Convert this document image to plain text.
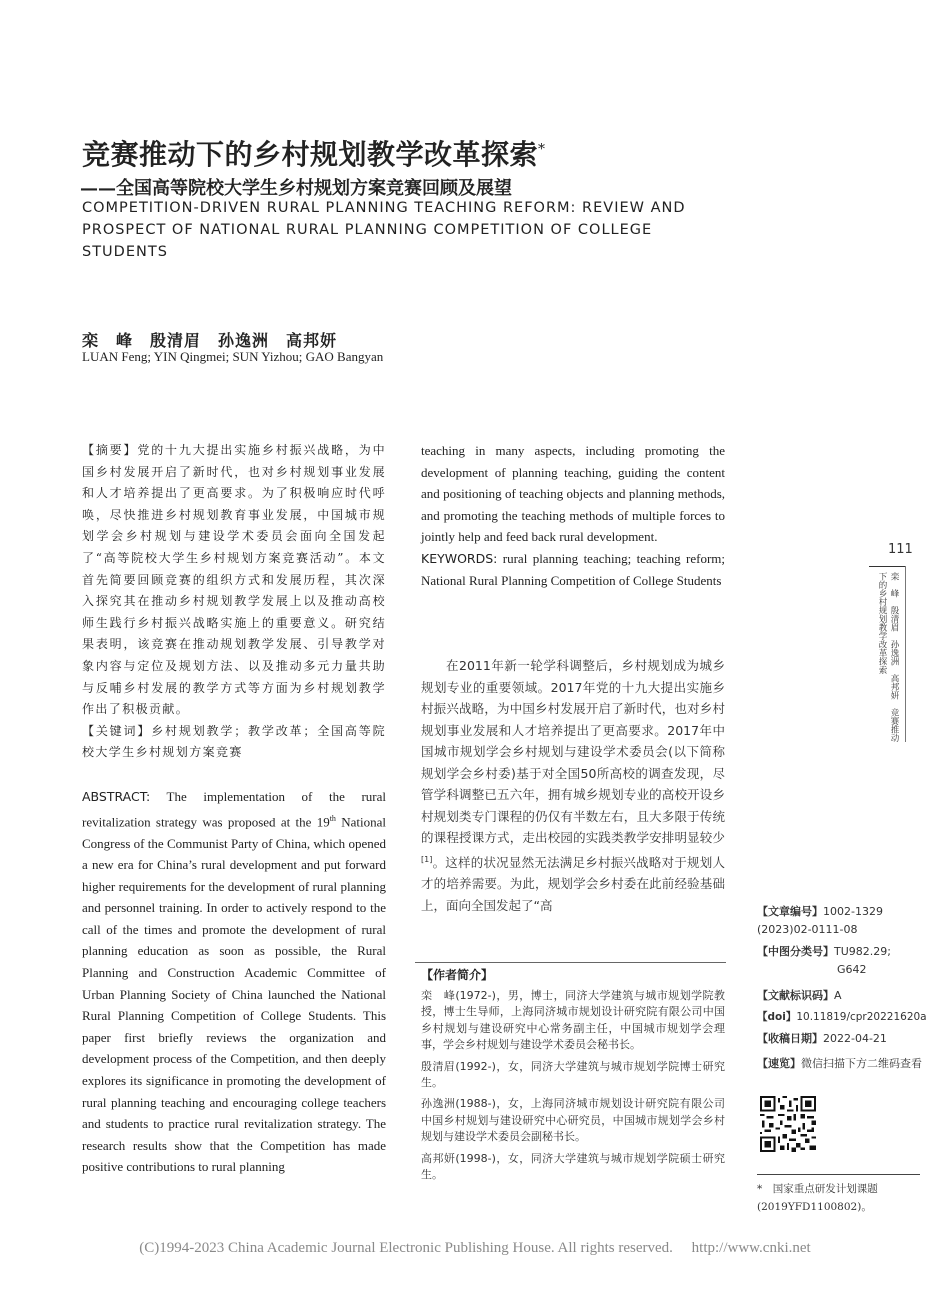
竞赛推动下的乡村规划教学改革探索*
——全国高等院校大学生乡村规划方案竞赛回顾及展望
COMPETITION-DRIVEN RURAL PLANNING TEACHING REFORM: REVIEW AND PROSPECT OF NATIONAL RURAL PLANNING COMPETITION OF COLLEGE STUDENTS
栾　峰　殷清眉　孙逸洲　高邦妍
LUAN Feng; YIN Qingmei; SUN Yizhou; GAO Bangyan
【摘要】党的十九大提出实施乡村振兴战略，为中国乡村发展开启了新时代，也对乡村规划事业发展和人才培养提出了更高要求。为了积极响应时代呼唤，尽快推进乡村规划教育事业发展，中国城市规划学会乡村规划与建设学术委员会面向全国发起了“高等院校大学生乡村规划方案竞赛活动”。本文首先简要回顾竞赛的组织方式和发展历程，其次深入探究其在推动乡村规划教学发展上以及推动高校师生践行乡村振兴战略实施上的重要意义。研究结果表明，该竞赛在推动规划教学发展、引导教学对象内容与定位及规划方法、以及推动多元力量共助与反哺乡村发展的教学方式等方面为乡村规划教学作出了积极贡献。
【关键词】乡村规划教学；教学改革；全国高等院校大学生乡村规划方案竞赛
ABSTRACT: The implementation of the rural revitalization strategy was proposed at the 19th National Congress of the Communist Party of China, which opened a new era for China’s rural development and put forward higher requirements for the development of rural planning and personnel training. In order to actively respond to the call of the times and promote the development of rural planning education as soon as possible, the Rural Planning and Construction Academic Committee of Urban Planning Society of China launched the National Rural Planning Competition of College Students. This paper first briefly reviews the organization and development process of the Competition, and then deeply explores its significance in promoting the development of rural planning teaching and encouraging college teachers and students to practice rural revitalization strategy. The research results show that the Competition has made positive contributions to rural planning
teaching in many aspects, including promoting the development of planning teaching, guiding the content and positioning of teaching objects and planning methods, and promoting the teaching methods of multiple forces to jointly help and feed back rural development.
KEYWORDS: rural planning teaching; teaching reform; National Rural Planning Competition of College Students

在2011年新一轮学科调整后，乡村规划成为城乡规划专业的重要领域。2017年党的十九大提出实施乡村振兴战略，为中国乡村发展开启了新时代，也对乡村规划事业发展和人才培养提出了更高要求。2017年中国城市规划学会乡村规划与建设学术委员会(以下简称规划学会乡村委)基于对全国50所高校的调查发现，尽管学科调整已五六年，拥有城乡规划专业的高校开设乡村规划类专门课程的仍仅有半数左右，且大多限于传统的课程授课方式，走出校园的实践类教学安排明显较少[1]。这样的状况显然无法满足乡村振兴战略对于规划人才的培养需要。为此，规划学会乡村委在此前经验基础上，面向全国发起了“高

【作者简介】

栾　峰(1972-)，男，博士，同济大学建筑与城市规划学院教授，博士生导师，上海同济城市规划设计研究院有限公司中国乡村规划与建设研究中心常务副主任，中国城市规划学会理事，学会乡村规划与建设学术委员会秘书长。

殷清眉(1992-)，女，同济大学建筑与城市规划学院博士研究生。

孙逸洲(1988-)，女，上海同济城市规划设计研究院有限公司中国乡村规划与建设研究中心研究员，中国城市规划学会乡村规划与建设学术委员会副秘书长。

高邦妍(1998-)，女，同济大学建筑与城市规划学院硕士研究生。

111
栾　峰　殷清眉　孙逸洲　高邦妍　竞赛推动下的乡村规划教学改革探索
【文章编号】1002-1329 (2023)02-0111-08
【中图分类号】TU982.29;
G642
【文献标识码】A
【doi】10.11819/cpr20221620a
【收稿日期】2022-04-21
【速览】微信扫描下方二维码查看
*　 国家重点研发计划课题(2019YFD1100802)。
(C)1994-2023 China Academic Journal Electronic Publishing House. All rights reserved.     http://www.cnki.net
